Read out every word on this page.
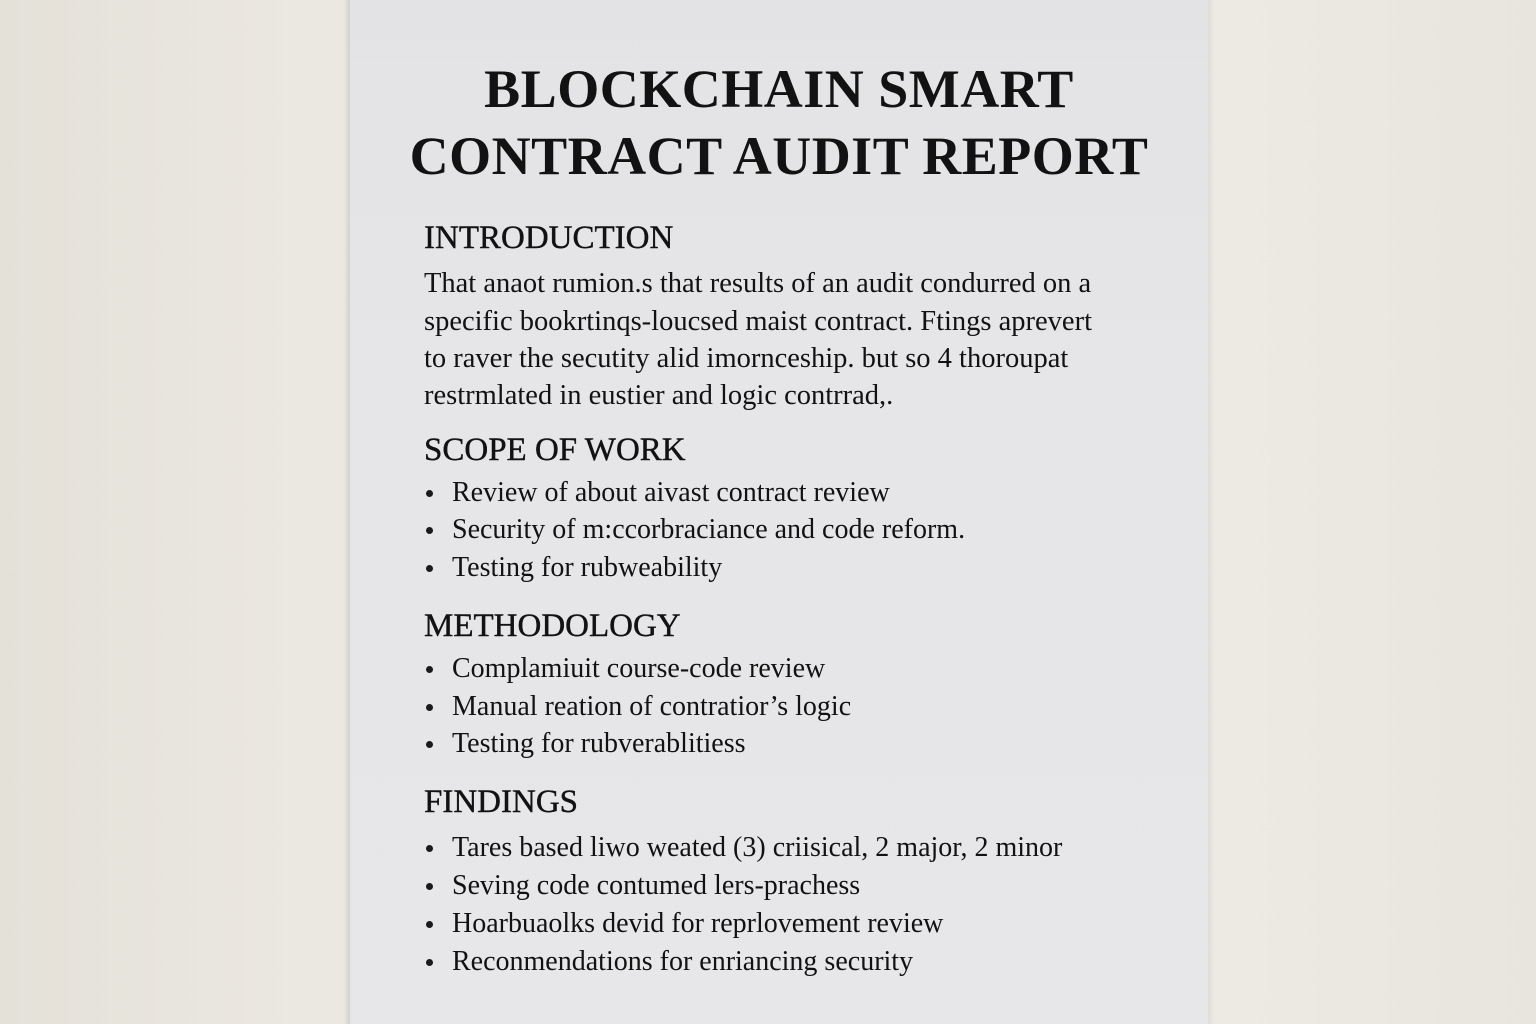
BLOCKCHAIN SMART
CONTRACT AUDIT REPORT
INTRODUCTION
That anaot rumion.s that results of an audit condurred on a
specific bookrtinqs-loucsed maist contract. Ftings aprevert
to raver the secutity alid imornceship. but so 4 thoroupat
restrmlated in eustier and logic contrrad,.
SCOPE OF WORK
Review of about aivast contract review
Security of m:ccorbraciance and code reform.
Testing for rubweability
METHODOLOGY
Complamiuit course-code review
Manual reation of contratior’s logic
Testing for rubverablitiess
FINDINGS
Tares based liwo weated (3) criisical, 2 major, 2 minor
Seving code contumed lers-prachess
Hoarbuaolks devid for reprlovement review
Reconmendations for enriancing security
